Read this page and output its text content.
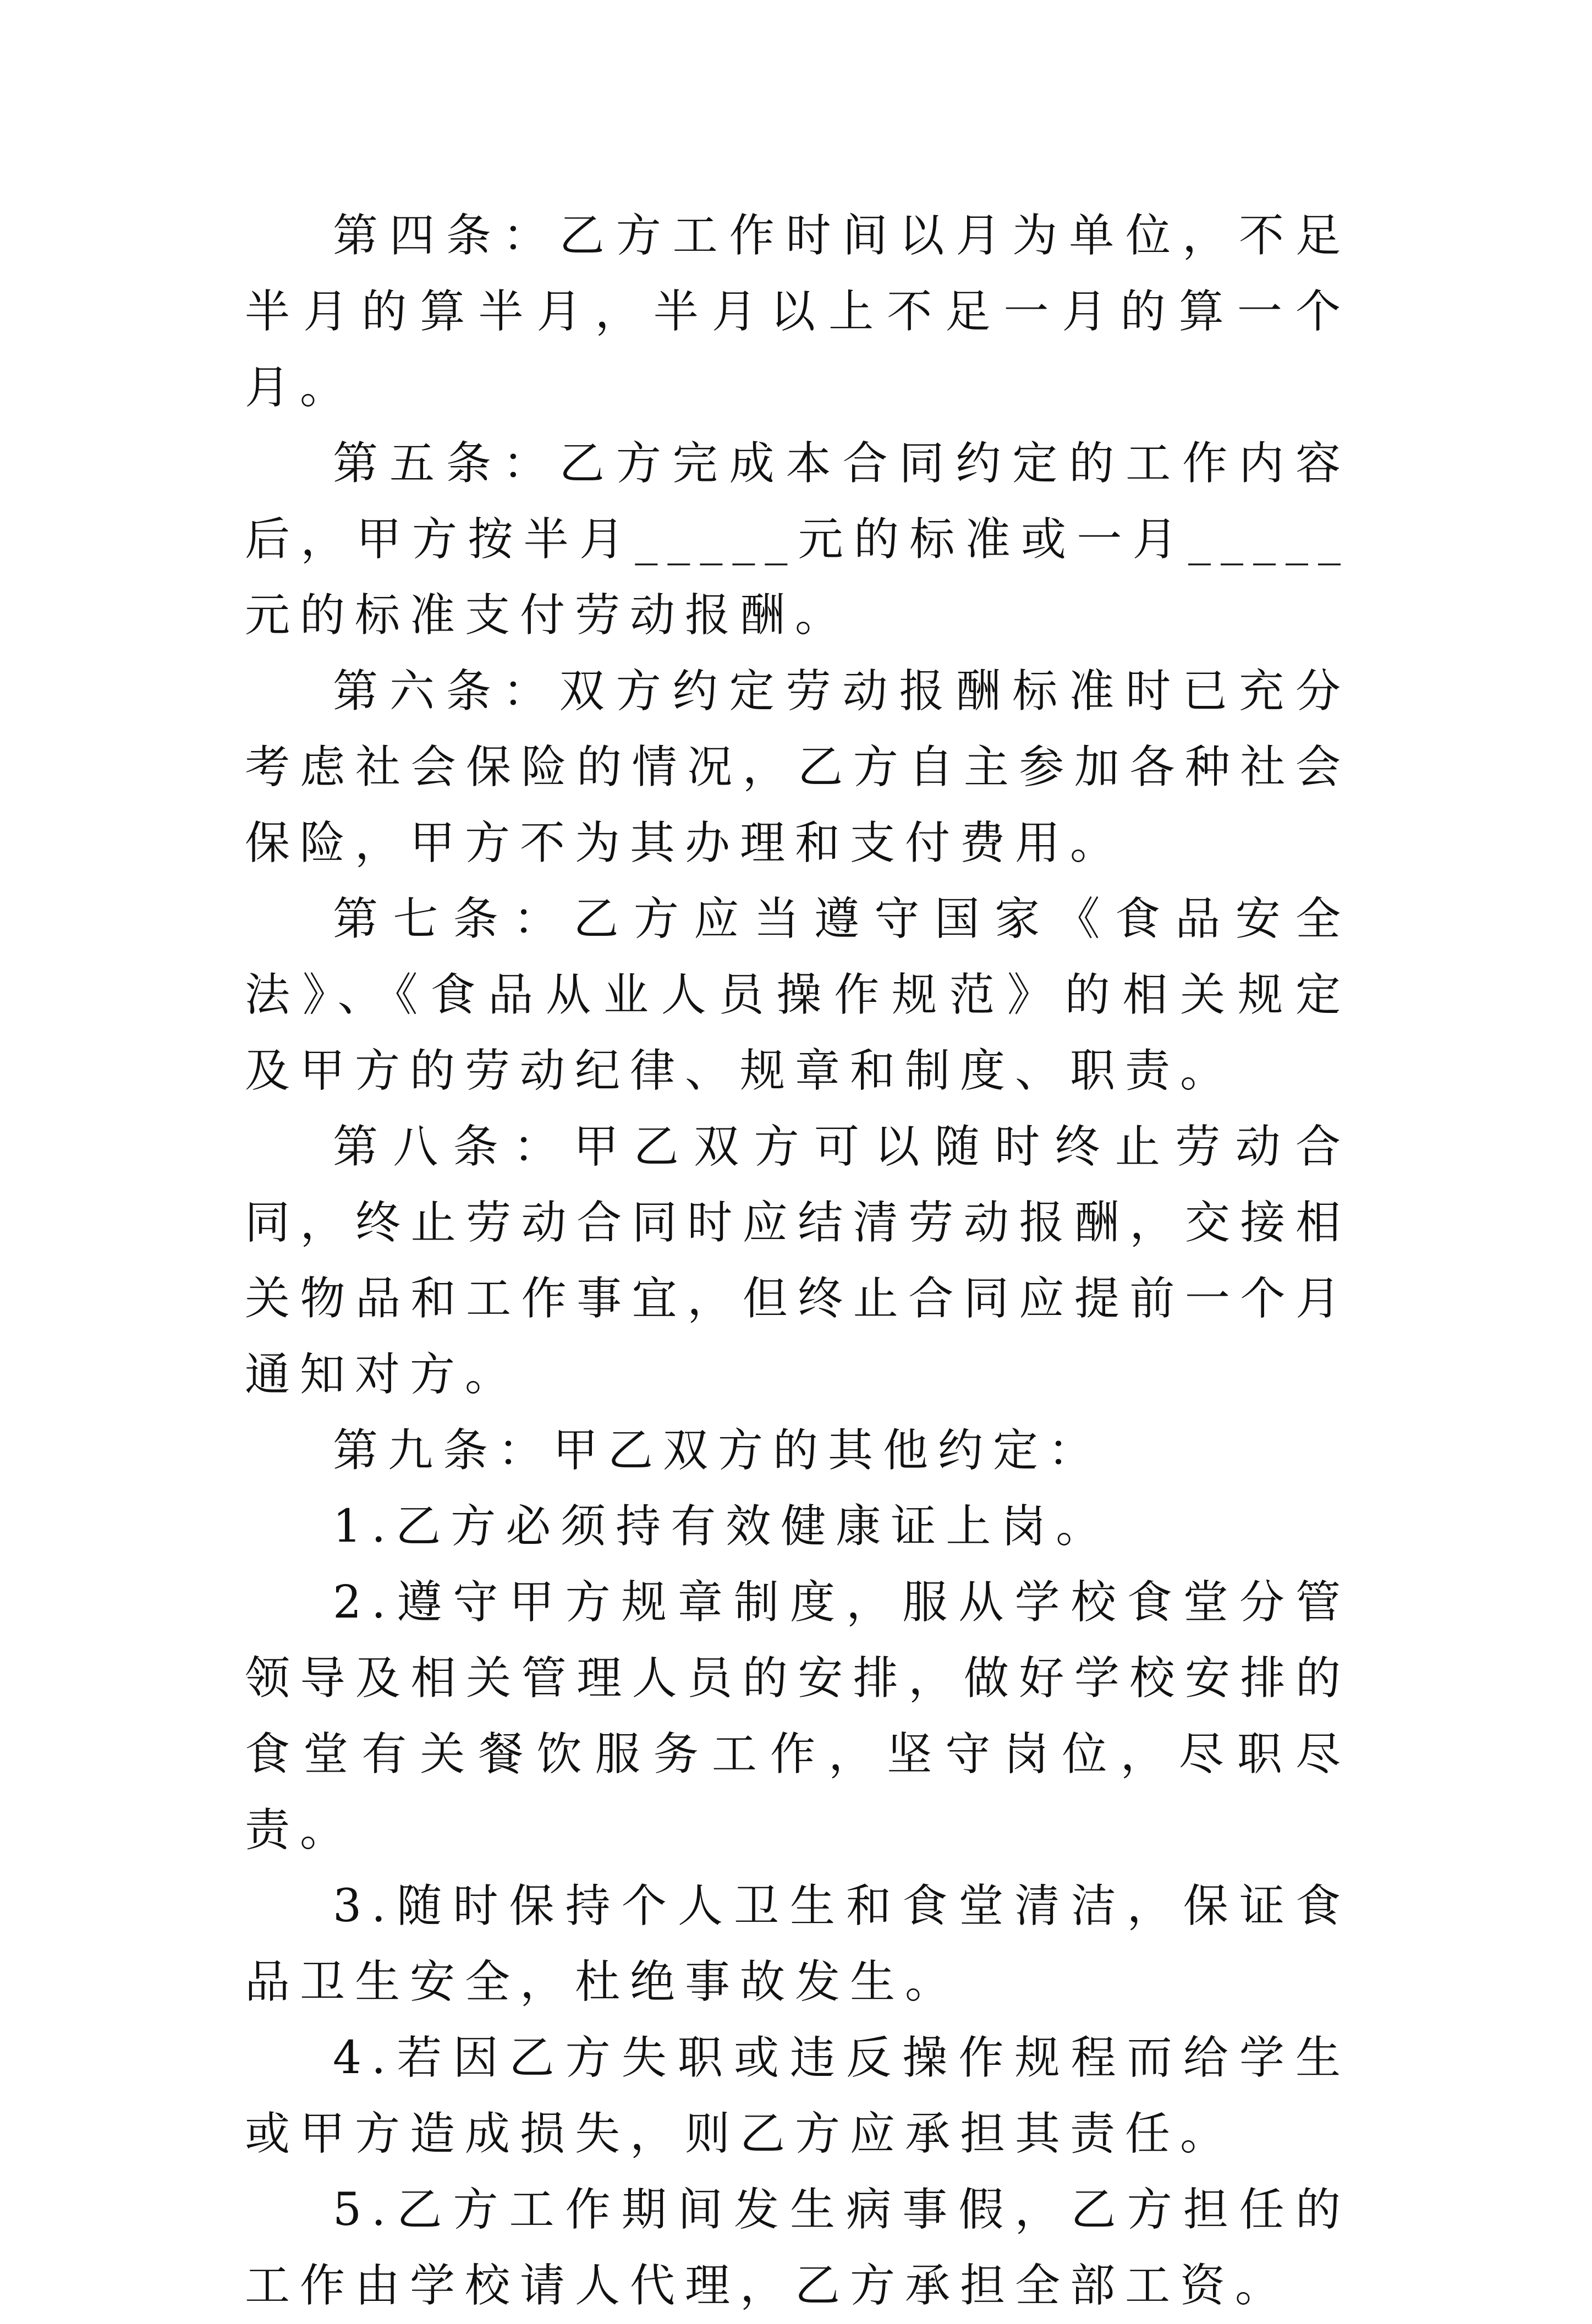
第四条：乙方工作时间以月为单位，不足半月的算半月，半月以上不足一月的算一个月。

第五条：乙方完成本合同约定的工作内容后，甲方按半月_____元的标准或一月_____元的标准支付劳动报酬。

第六条：双方约定劳动报酬标准时已充分考虑社会保险的情况，乙方自主参加各种社会保险，甲方不为其办理和支付费用。

第七条：乙方应当遵守国家《食品安全法》、《食品从业人员操作规范》的相关规定及甲方的劳动纪律、规章和制度、职责。

第八条：甲乙双方可以随时终止劳动合同，终止劳动合同时应结清劳动报酬，交接相关物品和工作事宜，但终止合同应提前一个月通知对方。

第九条：甲乙双方的其他约定：

1.乙方必须持有效健康证上岗。

2.遵守甲方规章制度，服从学校食堂分管领导及相关管理人员的安排，做好学校安排的食堂有关餐饮服务工作，坚守岗位，尽职尽责。

3.随时保持个人卫生和食堂清洁，保证食品卫生安全，杜绝事故发生。

4.若因乙方失职或违反操作规程而给学生或甲方造成损失，则乙方应承担其责任。

5.乙方工作期间发生病事假，乙方担任的工作由学校请人代理，乙方承担全部工资。
